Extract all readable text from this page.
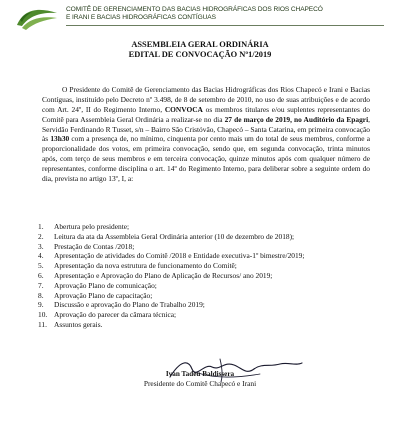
COMITÊ DE GERENCIAMENTO DAS BACIAS HIDROGRÁFICAS DOS RIOS CHAPECÓ
E IRANI E BACIAS HIDROGRÁFICAS CONTÍGUAS
ASSEMBLEIA GERAL ORDINÁRIA
EDITAL DE CONVOCAÇÃO Nº1/2019

O Presidente do Comitê de Gerenciamento das Bacias Hidrográficas dos Rios Chapecó e Irani e Bacias Contíguas, instituído pelo Decreto nº 3.498, de 8 de setembro de 2010, no uso de suas atribuições e de acordo com Art. 24º, II do Regimento Interno, CONVOCA os membros titulares e/ou suplentes representantes do Comitê para Assembleia Geral Ordinária a realizar-se no dia 27 de março de 2019, no Auditório da Epagri, Servidão Ferdinando R Tusset, s/n – Bairro São Cristóvão, Chapecó – Santa Catarina, em primeira convocação às 13h30 com a presença de, no mínimo, cinquenta por cento mais um do total de seus membros, conforme a proporcionalidade dos votos, em primeira convocação, sendo que, em segunda convocação, trinta minutos após, com terço de seus membros e em terceira convocação, quinze minutos após com qualquer número de representantes, conforme disciplina o art. 14º do Regimento Interno, para deliberar sobre a seguinte ordem do dia, prevista no artigo 13º, I, a:

1.	Abertura pelo presidente;
2.	Leitura da ata da Assembleia Geral Ordinária anterior (10 de dezembro de 2018);
3.	Prestação de Contas /2018;
4.	Apresentação de atividades do Comitê /2018 e Entidade executiva-1º bimestre/2019;
5.	Apresentação da nova estrutura de funcionamento do Comitê;
6.	Apresentação e Aprovação do Plano de Aplicação de Recursos/ ano 2019;
7.	Aprovação Plano de comunicação;
8.	Aprovação Plano de capacitação;
9.	Discussão e aprovação do Plano de Trabalho 2019;
10. Aprovação do parecer da câmara técnica;
11. Assuntos gerais.
Ivan Tadeu Baldissera
Presidente do Comitê Chapecó e Irani
